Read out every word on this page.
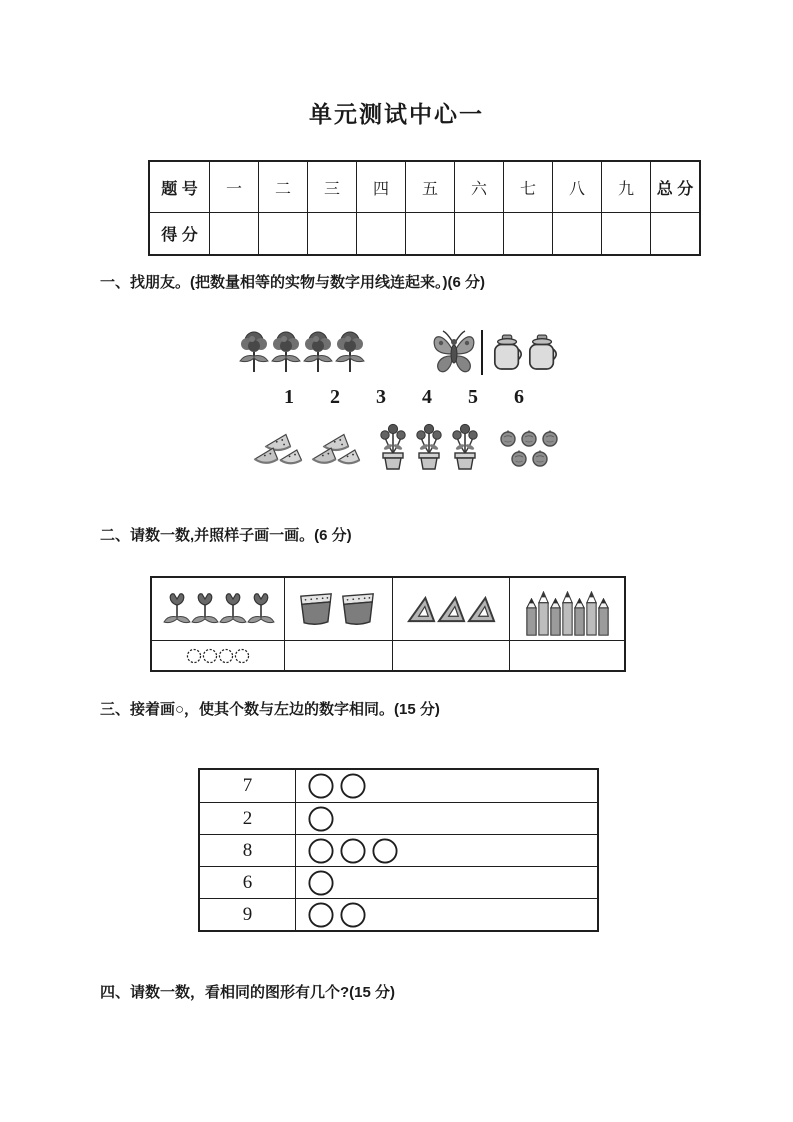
单元测试中心一
题 号	一	二	三	四	五	六	七	八	九	总 分
得 分
一、找朋友。(把数量相等的实物与数字用线连起来。)(6 分)
1	2	3	4	5	6
二、请数一数,并照样子画一画。(6 分)
三、接着画○，使其个数与左边的数字相同。(15 分)
7
2
8
6
9
四、请数一数，看相同的图形有几个?(15 分)
